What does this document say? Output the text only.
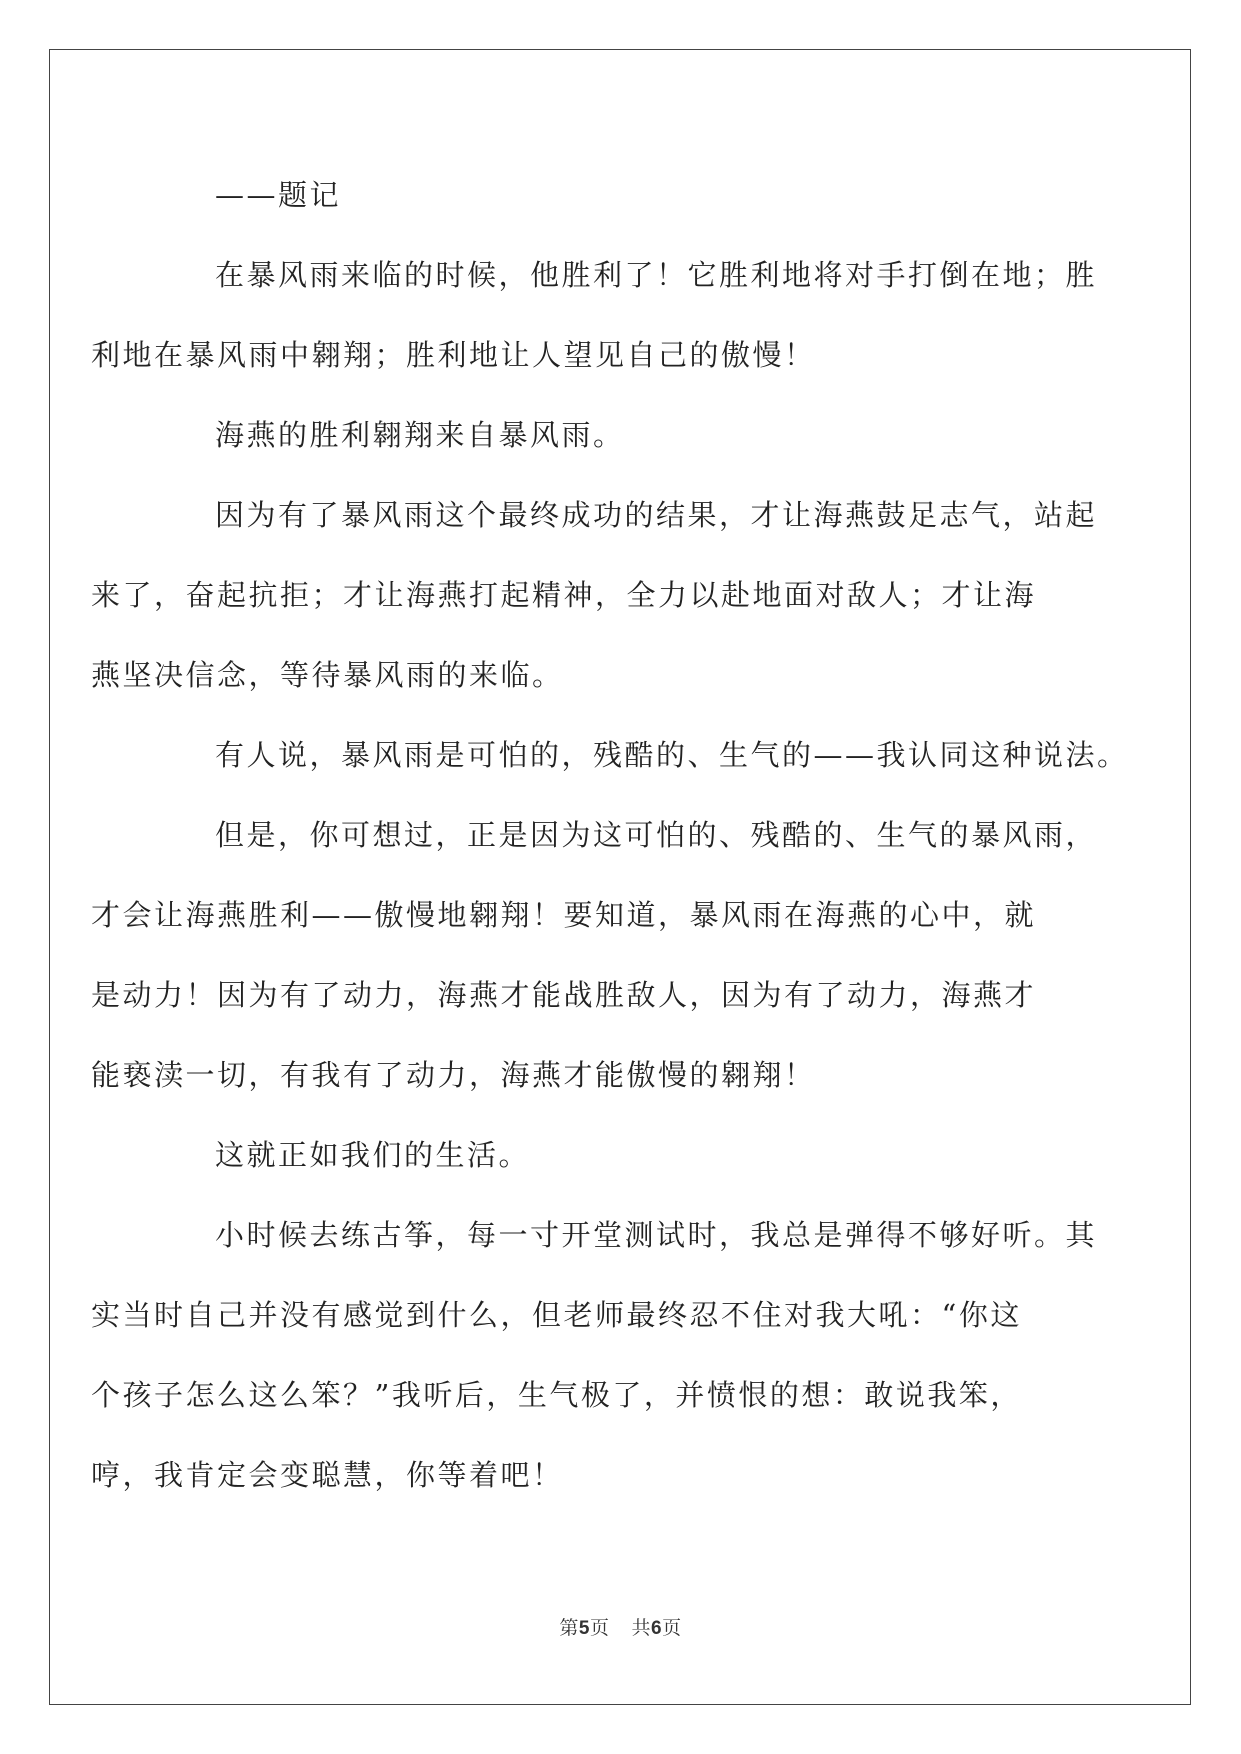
——题记

在暴风雨来临的时候，他胜利了！它胜利地将对手打倒在地；胜
利地在暴风雨中翱翔；胜利地让人望见自己的傲慢！

海燕的胜利翱翔来自暴风雨。

因为有了暴风雨这个最终成功的结果，才让海燕鼓足志气，站起
来了，奋起抗拒；才让海燕打起精神，全力以赴地面对敌人；才让海
燕坚决信念，等待暴风雨的来临。

有人说，暴风雨是可怕的，残酷的、生气的——我认同这种说法。

但是，你可想过，正是因为这可怕的、残酷的、生气的暴风雨，
才会让海燕胜利——傲慢地翱翔！要知道，暴风雨在海燕的心中，就
是动力！因为有了动力，海燕才能战胜敌人，因为有了动力，海燕才
能亵渎一切，有我有了动力，海燕才能傲慢的翱翔！

这就正如我们的生活。

小时候去练古筝，每一寸开堂测试时，我总是弹得不够好听。其
实当时自己并没有感觉到什么，但老师最终忍不住对我大吼：“你这
个孩子怎么这么笨？”我听后，生气极了，并愤恨的想：敢说我笨，
哼，我肯定会变聪慧，你等着吧！

第5页 共6页
